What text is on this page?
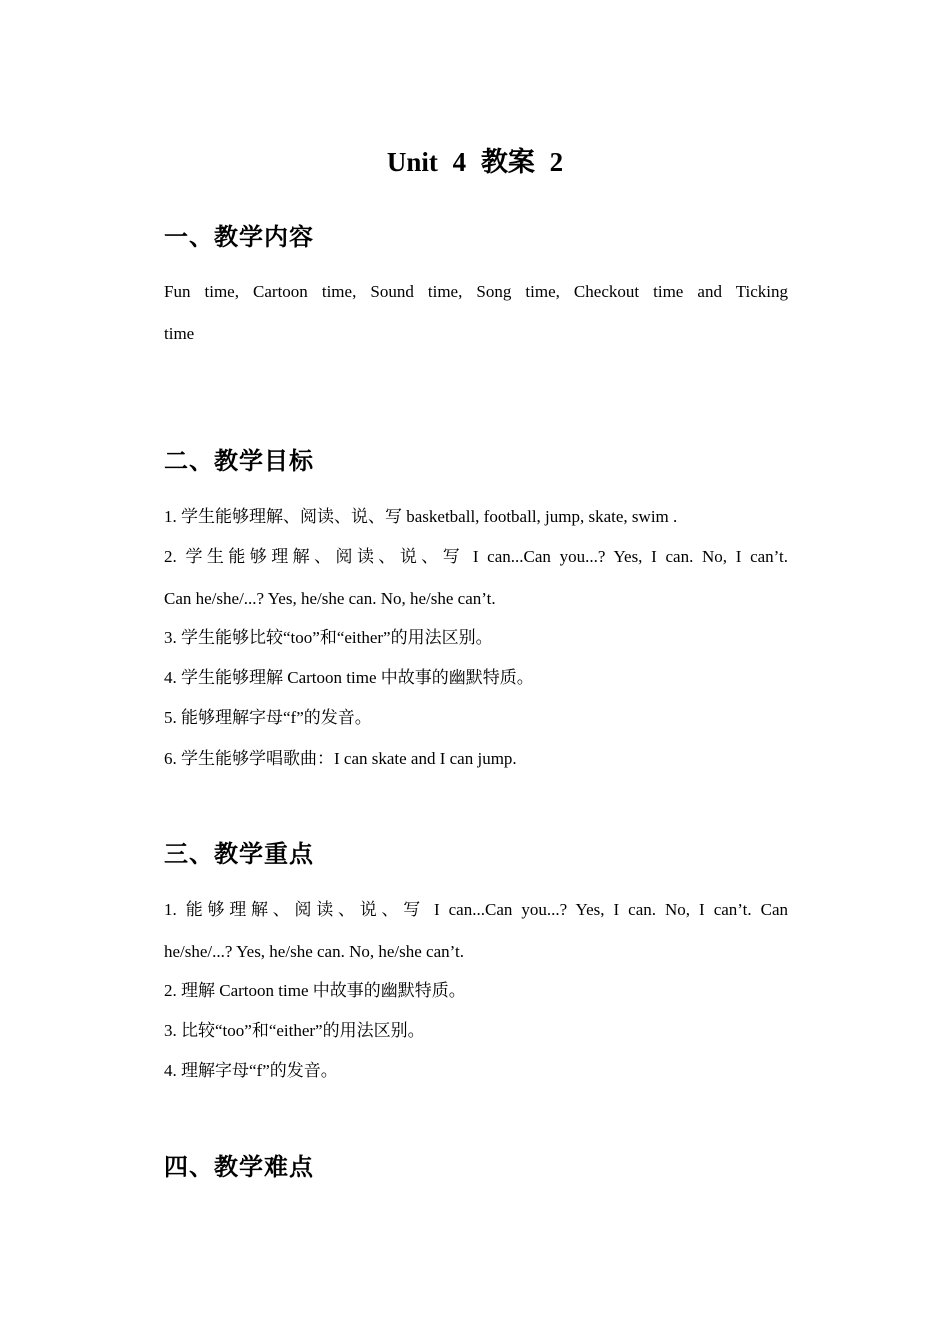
Unit 4 教案 2
一、教学内容
Fun time, Cartoon time, Sound time, Song time, Checkout time and Ticking
time
二、教学目标
1. 学生能够理解、阅读、说、写 basketball, football, jump, skate, swim .
2. 学生能够理解、阅读、说、写 I can...Can you...? Yes, I can. No, I can’t.
Can he/she/...? Yes, he/she can. No, he/she can’t.
3. 学生能够比较“too”和“either”的用法区别。
4. 学生能够理解 Cartoon time 中故事的幽默特质。
5. 能够理解字母“f”的发音。
6. 学生能够学唱歌曲：I can skate and I can jump.
三、教学重点
1. 能够理解、阅读、说、写 I can...Can you...? Yes, I can. No, I can’t. Can
he/she/...? Yes, he/she can. No, he/she can’t.
2. 理解 Cartoon time 中故事的幽默特质。
3. 比较“too”和“either”的用法区别。
4. 理解字母“f”的发音。
四、教学难点
